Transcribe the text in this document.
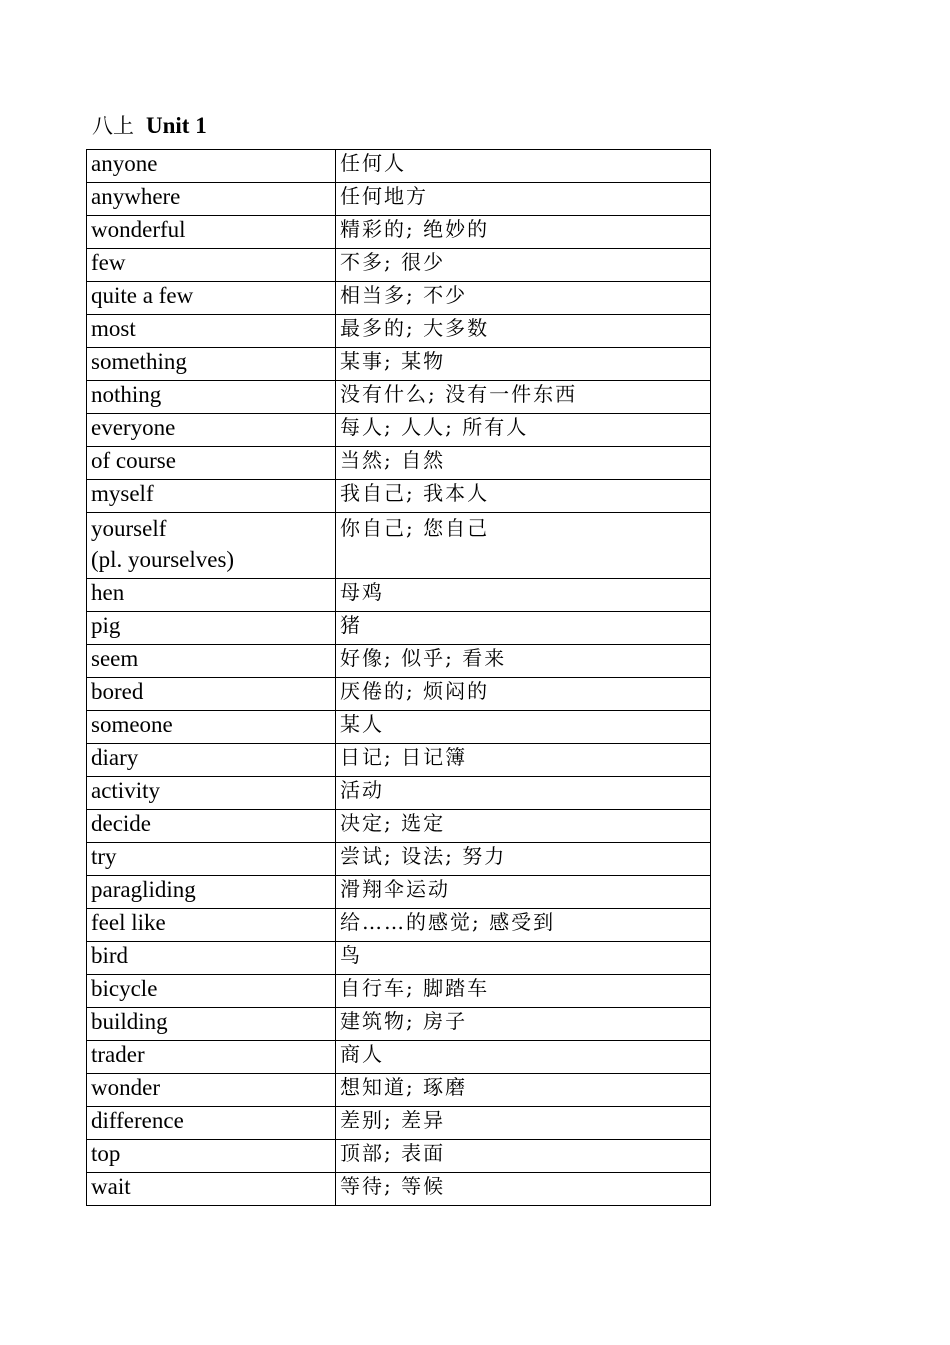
八上 Unit 1
anyone	任何人
anywhere	任何地方
wonderful	精彩的; 绝妙的
few	不多; 很少
quite a few	相当多; 不少
most	最多的; 大多数
something	某事; 某物
nothing	没有什么; 没有一件东西
everyone	每人; 人人; 所有人
of course	当然; 自然
myself	我自己; 我本人
yourself
(pl. yourselves)	你自己; 您自己
hen	母鸡
pig	猪
seem	好像; 似乎; 看来
bored	厌倦的; 烦闷的
someone	某人
diary	日记; 日记簿
activity	活动
decide	决定; 选定
try	尝试; 设法; 努力
paragliding	滑翔伞运动
feel like	给……的感觉; 感受到
bird	鸟
bicycle	自行车; 脚踏车
building	建筑物; 房子
trader	商人
wonder	想知道; 琢磨
difference	差别; 差异
top	顶部; 表面
wait	等待; 等候
